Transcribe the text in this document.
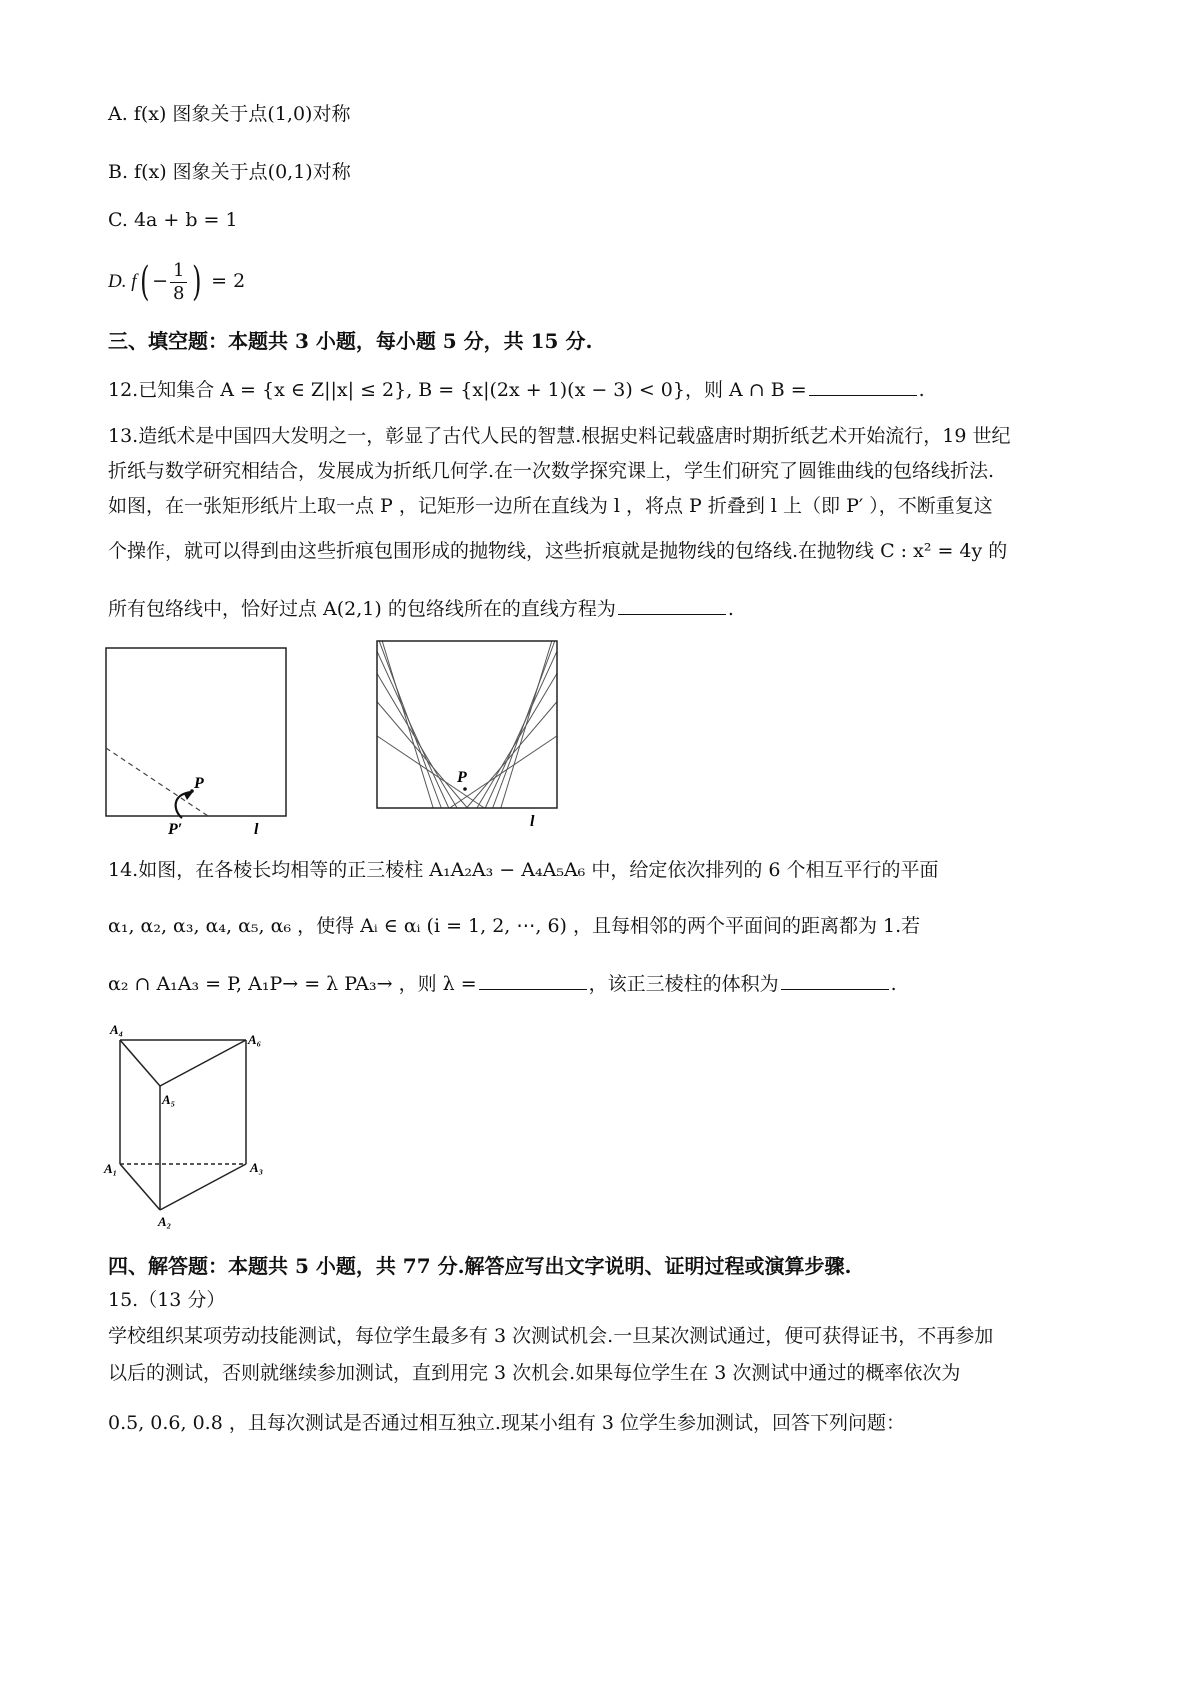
A. f(x) 图象关于点(1,0)对称
B. f(x) 图象关于点(0,1)对称
C. 4a + b = 1
D. $f( - \frac{1}{8}$ ) = 2
三、填空题：本题共 3 小题，每小题 5 分，共 15 分.
12.已知集合 A = {x ∈ Z||x| ≤ 2}, B = {x|(2x + 1)(x − 3) < 0}，则 A ∩ B =	.
13.造纸术是中国四大发明之一，彰显了古代人民的智慧.根据史料记载盛唐时期折纸艺术开始流行，19 世纪
折纸与数学研究相结合，发展成为折纸几何学.在一次数学探究课上，学生们研究了圆锥曲线的包络线折法.
如图，在一张矩形纸片上取一点 P ，记矩形一边所在直线为 l ，将点 P 折叠到 l 上（即 P′ ），不断重复这
个操作，就可以得到由这些折痕包围形成的抛物线，这些折痕就是抛物线的包络线.在抛物线 C : x² = 4y 的
所有包络线中，恰好过点 A(2,1) 的包络线所在的直线方程为	.
P
P′	l
P
l
14.如图，在各棱长均相等的正三棱柱 A₁A₂A₃ − A₄A₅A₆ 中，给定依次排列的 6 个相互平行的平面
α₁, α₂, α₃, α₄, α₅, α₆ ，使得 Aᵢ ∈ αᵢ (i = 1, 2, ⋯, 6) ，且每相邻的两个平面间的距离都为 1.若
α₂ ∩ A₁A₃ = P, A₁P→ = λ PA₃→ ，则 λ =	，该正三棱柱的体积为	.
A₄
A₆
A₅
A₁	A₃
A₂
四、解答题：本题共 5 小题，共 77 分.解答应写出文字说明、证明过程或演算步骤.
15.（13 分）
学校组织某项劳动技能测试，每位学生最多有 3 次测试机会.一旦某次测试通过，便可获得证书，不再参加
以后的测试，否则就继续参加测试，直到用完 3 次机会.如果每位学生在 3 次测试中通过的概率依次为
0.5, 0.6, 0.8 ，且每次测试是否通过相互独立.现某小组有 3 位学生参加测试，回答下列问题：
